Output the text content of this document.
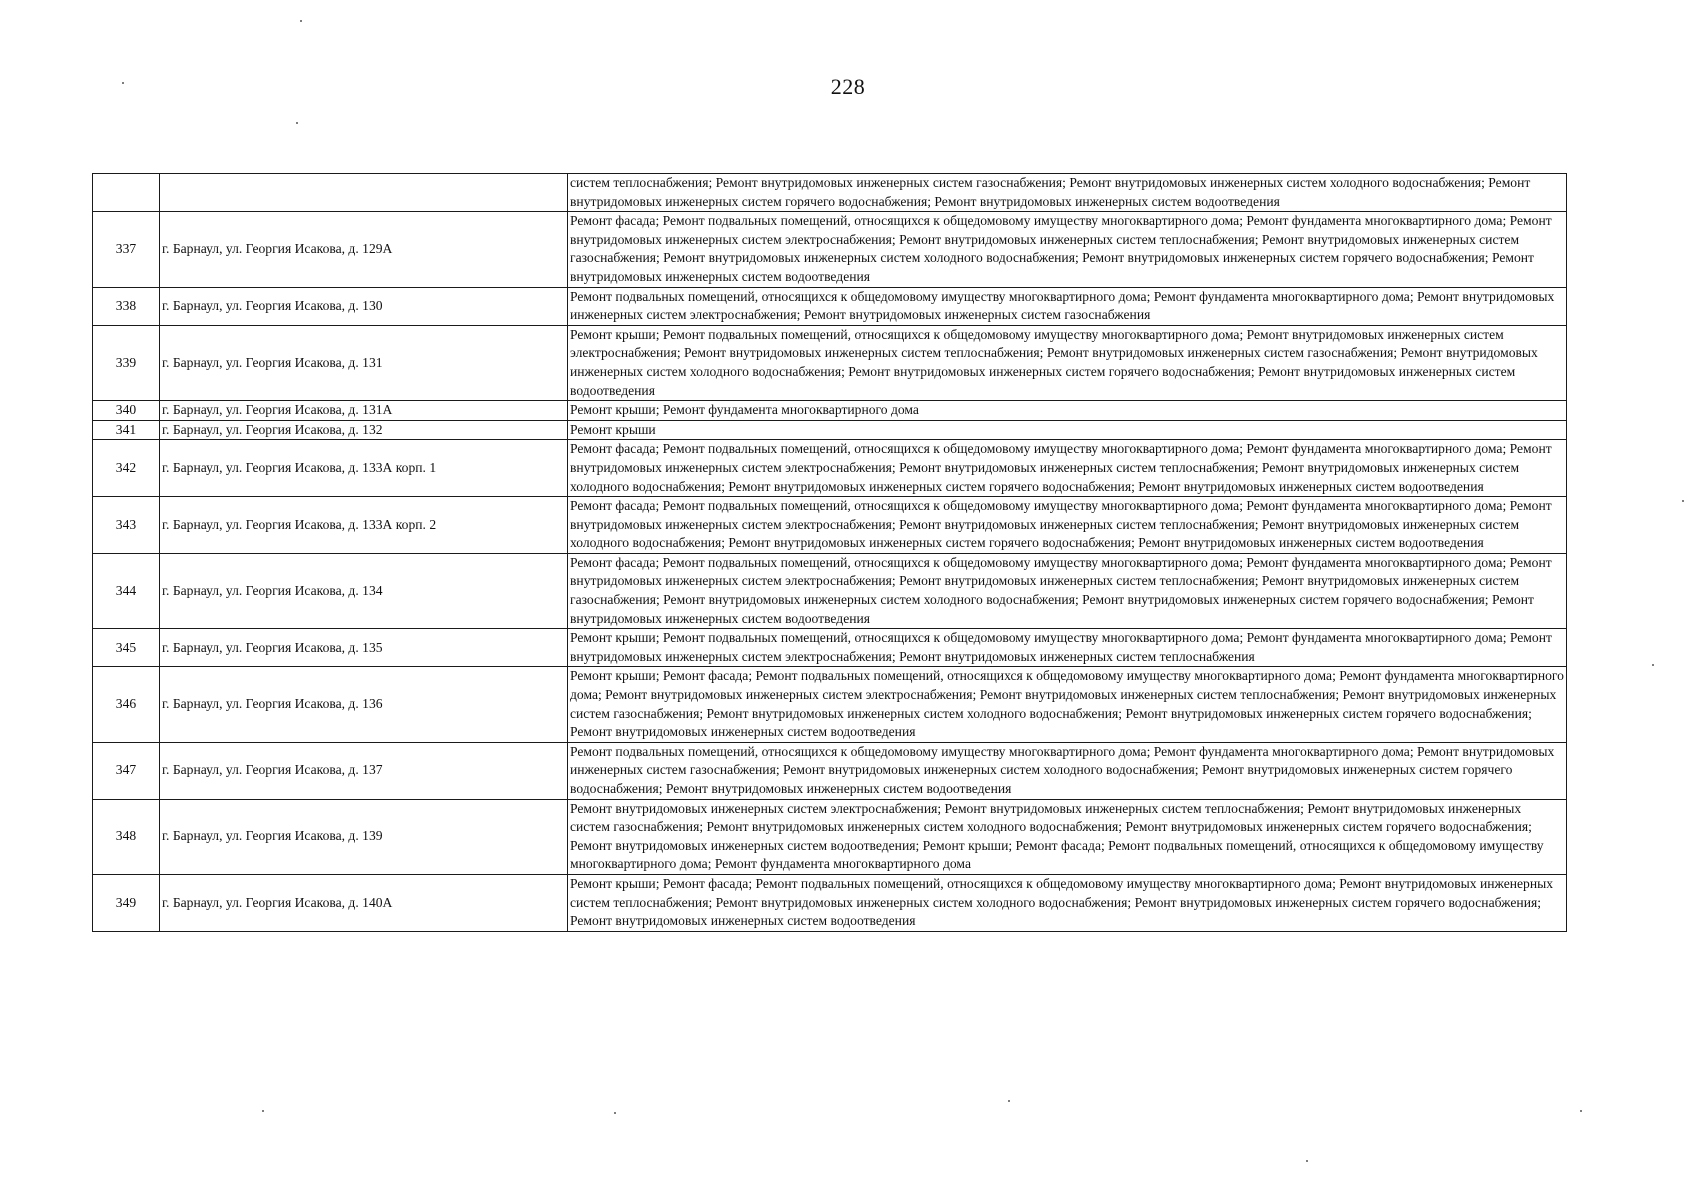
228
		систем теплоснабжения; Ремонт внутридомовых инженерных систем газоснабжения; Ремонт внутридомовых инженерных систем холодного водоснабжения; Ремонт внутридомовых инженерных систем горячего водоснабжения; Ремонт внутридомовых инженерных систем водоотведения
337	г. Барнаул, ул. Георгия Исакова, д. 129А	Ремонт фасада; Ремонт подвальных помещений, относящихся к общедомовому имуществу многоквартирного дома; Ремонт фундамента многоквартирного дома; Ремонт внутридомовых инженерных систем электроснабжения; Ремонт внутридомовых инженерных систем теплоснабжения; Ремонт внутридомовых инженерных систем газоснабжения; Ремонт внутридомовых инженерных систем холодного водоснабжения; Ремонт внутридомовых инженерных систем горячего водоснабжения; Ремонт внутридомовых инженерных систем водоотведения
338	г. Барнаул, ул. Георгия Исакова, д. 130	Ремонт подвальных помещений, относящихся к общедомовому имуществу многоквартирного дома; Ремонт фундамента многоквартирного дома; Ремонт внутридомовых инженерных систем электроснабжения; Ремонт внутридомовых инженерных систем газоснабжения
339	г. Барнаул, ул. Георгия Исакова, д. 131	Ремонт крыши; Ремонт подвальных помещений, относящихся к общедомовому имуществу многоквартирного дома; Ремонт внутридомовых инженерных систем электроснабжения; Ремонт внутридомовых инженерных систем теплоснабжения; Ремонт внутридомовых инженерных систем газоснабжения; Ремонт внутридомовых инженерных систем холодного водоснабжения; Ремонт внутридомовых инженерных систем горячего водоснабжения; Ремонт внутридомовых инженерных систем водоотведения
340	г. Барнаул, ул. Георгия Исакова, д. 131А	Ремонт крыши; Ремонт фундамента многоквартирного дома
341	г. Барнаул, ул. Георгия Исакова, д. 132	Ремонт крыши
342	г. Барнаул, ул. Георгия Исакова, д. 133А корп. 1	Ремонт фасада; Ремонт подвальных помещений, относящихся к общедомовому имуществу многоквартирного дома; Ремонт фундамента многоквартирного дома; Ремонт внутридомовых инженерных систем электроснабжения; Ремонт внутридомовых инженерных систем теплоснабжения; Ремонт внутридомовых инженерных систем холодного водоснабжения; Ремонт внутридомовых инженерных систем горячего водоснабжения; Ремонт внутридомовых инженерных систем водоотведения
343	г. Барнаул, ул. Георгия Исакова, д. 133А корп. 2	Ремонт фасада; Ремонт подвальных помещений, относящихся к общедомовому имуществу многоквартирного дома; Ремонт фундамента многоквартирного дома; Ремонт внутридомовых инженерных систем электроснабжения; Ремонт внутридомовых инженерных систем теплоснабжения; Ремонт внутридомовых инженерных систем холодного водоснабжения; Ремонт внутридомовых инженерных систем горячего водоснабжения; Ремонт внутридомовых инженерных систем водоотведения
344	г. Барнаул, ул. Георгия Исакова, д. 134	Ремонт фасада; Ремонт подвальных помещений, относящихся к общедомовому имуществу многоквартирного дома; Ремонт фундамента многоквартирного дома; Ремонт внутридомовых инженерных систем электроснабжения; Ремонт внутридомовых инженерных систем теплоснабжения; Ремонт внутридомовых инженерных систем газоснабжения; Ремонт внутридомовых инженерных систем холодного водоснабжения; Ремонт внутридомовых инженерных систем горячего водоснабжения; Ремонт внутридомовых инженерных систем водоотведения
345	г. Барнаул, ул. Георгия Исакова, д. 135	Ремонт крыши; Ремонт подвальных помещений, относящихся к общедомовому имуществу многоквартирного дома; Ремонт фундамента многоквартирного дома; Ремонт внутридомовых инженерных систем электроснабжения; Ремонт внутридомовых инженерных систем теплоснабжения
346	г. Барнаул, ул. Георгия Исакова, д. 136	Ремонт крыши; Ремонт фасада; Ремонт подвальных помещений, относящихся к общедомовому имуществу многоквартирного дома; Ремонт фундамента многоквартирного дома; Ремонт внутридомовых инженерных систем электроснабжения; Ремонт внутридомовых инженерных систем теплоснабжения; Ремонт внутридомовых инженерных систем газоснабжения; Ремонт внутридомовых инженерных систем холодного водоснабжения; Ремонт внутридомовых инженерных систем горячего водоснабжения; Ремонт внутридомовых инженерных систем водоотведения
347	г. Барнаул, ул. Георгия Исакова, д. 137	Ремонт подвальных помещений, относящихся к общедомовому имуществу многоквартирного дома; Ремонт фундамента многоквартирного дома; Ремонт внутридомовых инженерных систем газоснабжения; Ремонт внутридомовых инженерных систем холодного водоснабжения; Ремонт внутридомовых инженерных систем горячего водоснабжения; Ремонт внутридомовых инженерных систем водоотведения
348	г. Барнаул, ул. Георгия Исакова, д. 139	Ремонт внутридомовых инженерных систем электроснабжения; Ремонт внутридомовых инженерных систем теплоснабжения; Ремонт внутридомовых инженерных систем газоснабжения; Ремонт внутридомовых инженерных систем холодного водоснабжения; Ремонт внутридомовых инженерных систем горячего водоснабжения; Ремонт внутридомовых инженерных систем водоотведения; Ремонт крыши; Ремонт фасада; Ремонт подвальных помещений, относящихся к общедомовому имуществу многоквартирного дома; Ремонт фундамента многоквартирного дома
349	г. Барнаул, ул. Георгия Исакова, д. 140А	Ремонт крыши; Ремонт фасада; Ремонт подвальных помещений, относящихся к общедомовому имуществу многоквартирного дома; Ремонт внутридомовых инженерных систем теплоснабжения; Ремонт внутридомовых инженерных систем холодного водоснабжения; Ремонт внутридомовых инженерных систем горячего водоснабжения; Ремонт внутридомовых инженерных систем водоотведения
